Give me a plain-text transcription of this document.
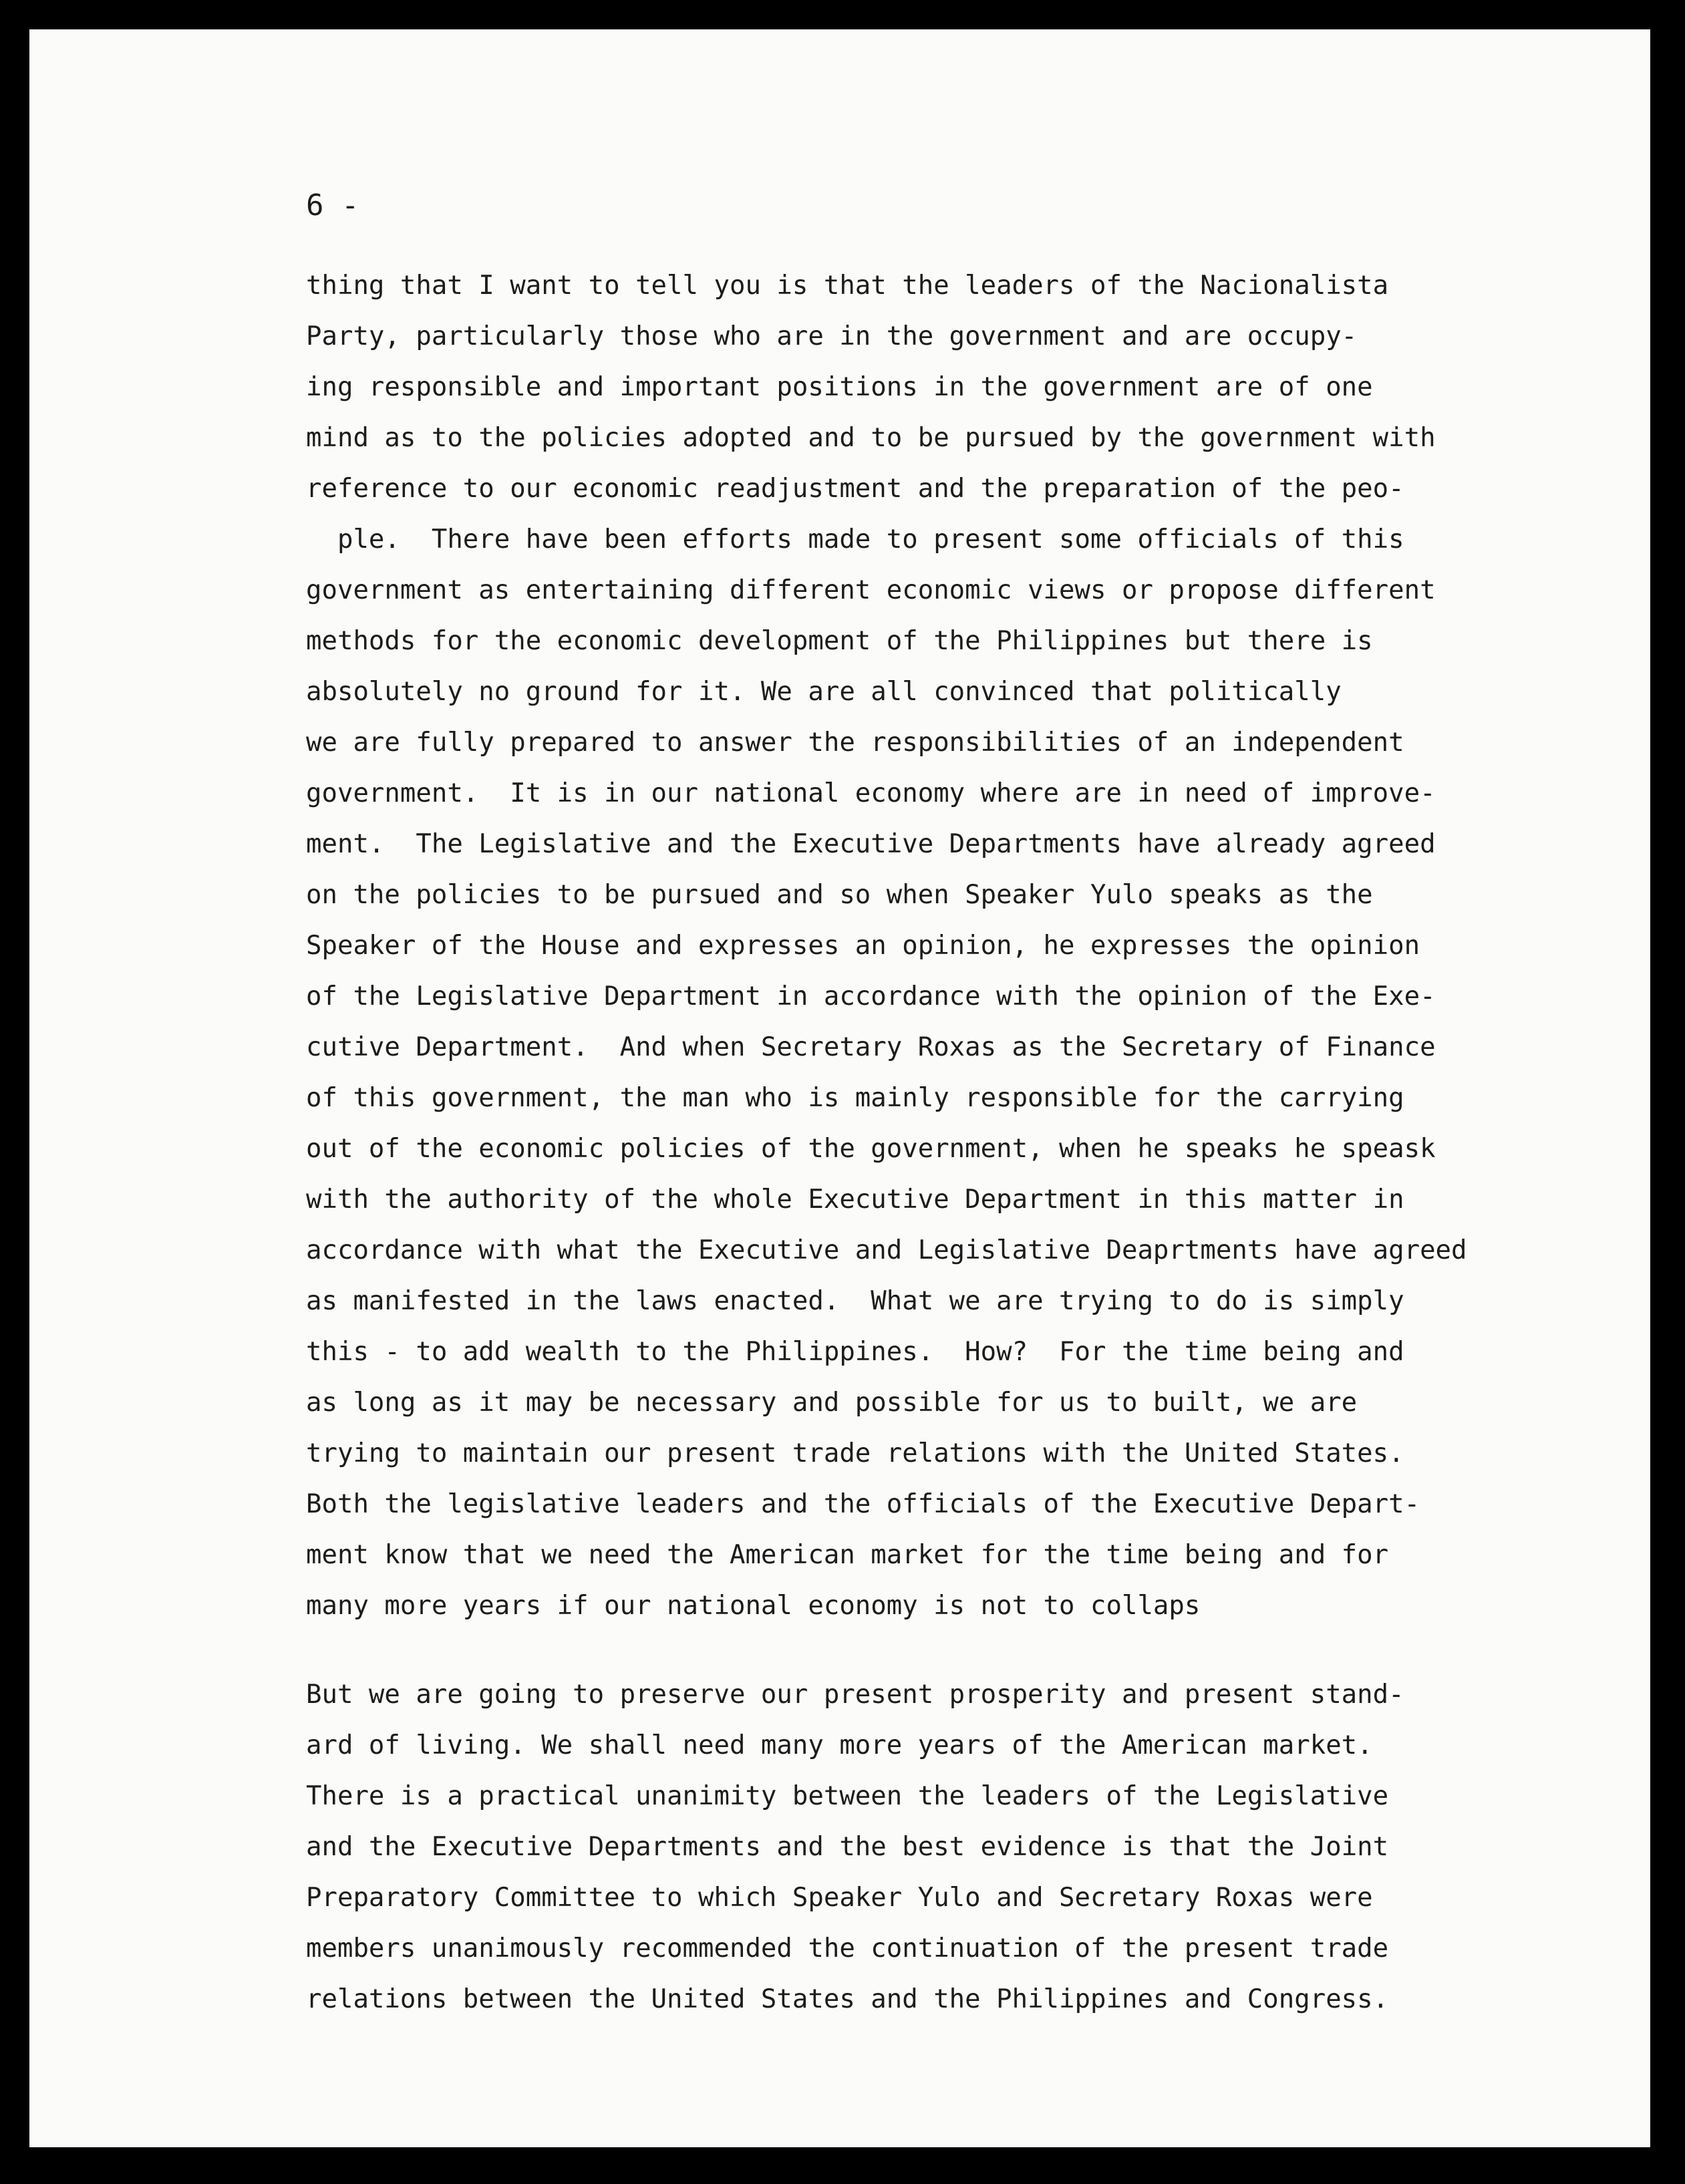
6 -

thing that I want to tell you is that the leaders of the Nacionalista
Party, particularly those who are in the government and are occupy-
ing responsible and important positions in the government are of one
mind as to the policies adopted and to be pursued by the government with
reference to our economic readjustment and the preparation of the peo-
ple.  There have been efforts made to present some officials of this
government as entertaining different economic views or propose different
methods for the economic development of the Philippines but there is
absolutely no ground for it. We are all convinced that politically
we are fully prepared to answer the responsibilities of an independent
government.  It is in our national economy where are in need of improve-
ment.  The Legislative and the Executive Departments have already agreed
on the policies to be pursued and so when Speaker Yulo speaks as the
Speaker of the House and expresses an opinion, he expresses the opinion
of the Legislative Department in accordance with the opinion of the Exe-
cutive Department.  And when Secretary Roxas as the Secretary of Finance
of this government, the man who is mainly responsible for the carrying
out of the economic policies of the government, when he speaks he speask
with the authority of the whole Executive Department in this matter in
accordance with what the Executive and Legislative Deaprtments have agreed
as manifested in the laws enacted.  What we are trying to do is simply
this - to add wealth to the Philippines.  How?  For the time being and
as long as it may be necessary and possible for us to built, we are
trying to maintain our present trade relations with the United States.
Both the legislative leaders and the officials of the Executive Depart-
ment know that we need the American market for the time being and for
many more years if our national economy is not to collaps
But we are going to preserve our present prosperity and present stand-
ard of living. We shall need many more years of the American market.
There is a practical unanimity between the leaders of the Legislative
and the Executive Departments and the best evidence is that the Joint
Preparatory Committee to which Speaker Yulo and Secretary Roxas were
members unanimously recommended the continuation of the present trade
relations between the United States and the Philippines and Congress.
